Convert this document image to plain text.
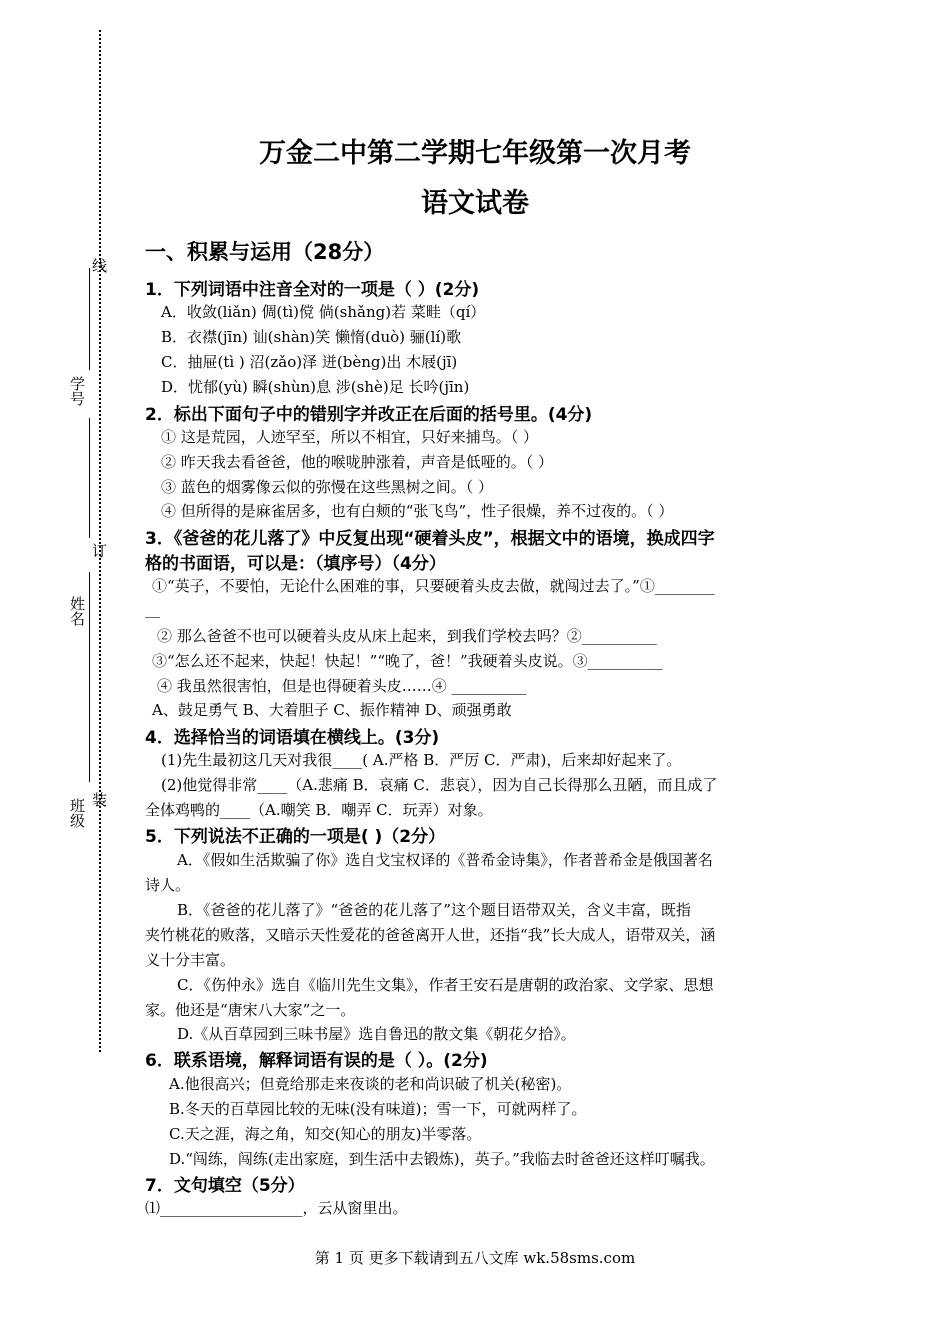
线
学号
订
姓名
班级 装
万金二中第二学期七年级第一次月考
语文试卷
一、积累与运用（28分）
1．下列词语中注音全对的一项是（ ）(2分)
A．收敛(liǎn) 倜(tì)傥 倘(shǎng)若 菜畦（qí）
B．衣襟(jīn) 讪(shàn)笑 懒惰(duò) 骊(lí)歌
C．抽屉(tì ) 沼(zǎo)泽 迸(bèng)出 木屐(jī)
D．忧郁(yù) 瞬(shùn)息 涉(shè)足 长吟(jīn)
2．标出下面句子中的错别字并改正在后面的括号里。(4分)
① 这是荒园，人迹罕至，所以不相宜，只好来捕鸟。（ ）
② 昨天我去看爸爸，他的喉咙肿涨着，声音是低哑的。（ ）
③ 蓝色的烟雾像云似的弥慢在这些黑树之间。（ ）
④ 但所得的是麻雀居多，也有白颊的“张飞鸟”，性子很燥，养不过夜的。（ ）
3．《爸爸的花儿落了》中反复出现“硬着头皮”，根据文中的语境，换成四字
格的书面语，可以是：（填序号）（4分）
①“英子，不要怕，无论什么困难的事，只要硬着头皮去做，就闯过去了。”①________
__
② 那么爸爸不也可以硬着头皮从床上起来，到我们学校去吗？②__________
③“怎么还不起来，快起！快起！”“晚了，爸！”我硬着头皮说。③__________
④ 我虽然很害怕，但是也得硬着头皮……④ __________
A、鼓足勇气 B、大着胆子 C、振作精神 D、顽强勇敢
4．选择恰当的词语填在横线上。(3分)
(1)先生最初这几天对我很____( A.严格 B．严厉 C．严肃)，后来却好起来了。
(2)他觉得非常____（A.悲痛 B．哀痛 C．悲哀），因为自己长得那么丑陋，而且成了
全体鸡鸭的____（A.嘲笑 B．嘲弄 C．玩弄）对象。
5．下列说法不正确的一项是( )（2分）
A．《假如生活欺骗了你》选自戈宝权译的《普希金诗集》，作者普希金是俄国著名
诗人。
B．《爸爸的花儿落了》“爸爸的花儿落了”这个题目语带双关，含义丰富，既指
夹竹桃花的败落，又暗示天性爱花的爸爸离开人世，还指“我”长大成人，语带双关，涵
义十分丰富。
C．《伤仲永》选自《临川先生文集》，作者王安石是唐朝的政治家、文学家、思想
家。他还是“唐宋八大家”之一。
D.《从百草园到三味书屋》选自鲁迅的散文集《朝花夕拾》。
6．联系语境，解释词语有误的是（ ）。(2分)
A.他很高兴；但竟给那走来夜谈的老和尚识破了机关(秘密)。
B.冬天的百草园比较的无味(没有味道)；雪一下，可就两样了。
C.天之涯，海之角，知交(知心的朋友)半零落。
D.“闯练，闯练(走出家庭，到生活中去锻炼)，英子。”我临去时爸爸还这样叮嘱我。
7．文句填空（5分）
⑴___________________，云从窗里出。
第 1 页 更多下载请到五八文库 wk.58sms.com
